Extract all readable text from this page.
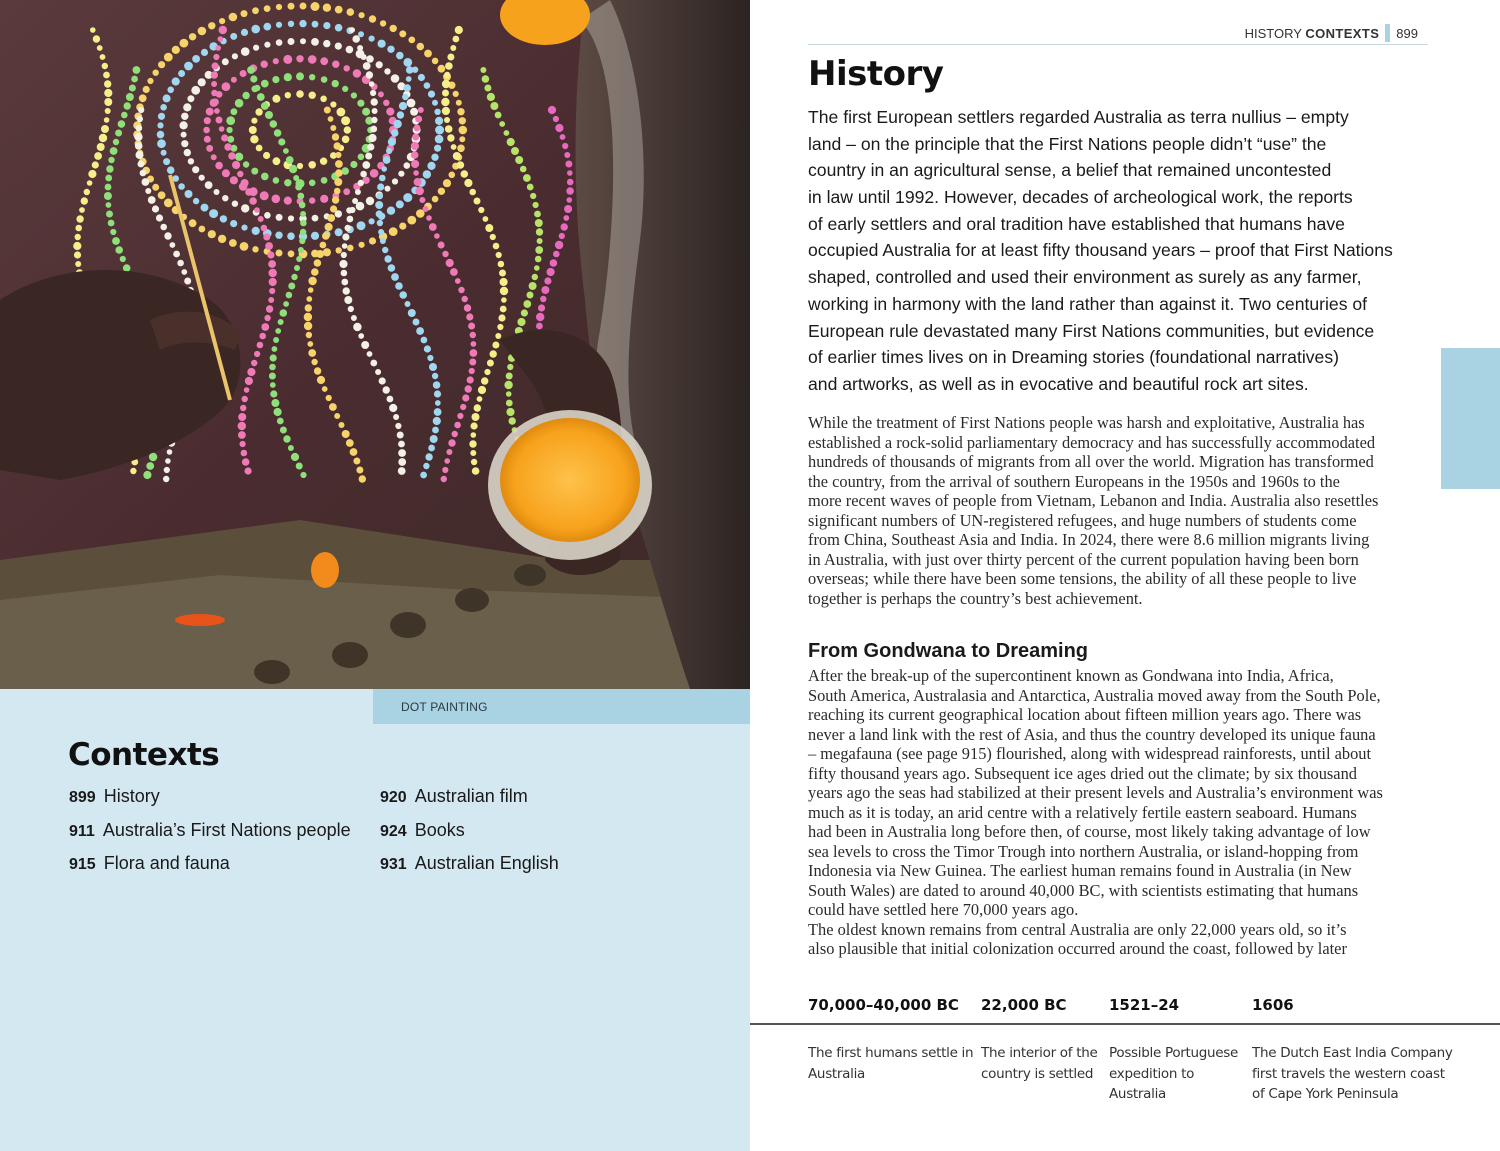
DOT PAINTING
Contexts
899 History
911 Australia’s First Nations people
915 Flora and fauna
920 Australian film
924 Books
931 Australian English
HISTORY CONTEXTS 899
History
The first European settlers regarded Australia as terra nullius – empty
land – on the principle that the First Nations people didn’t “use” the
country in an agricultural sense, a belief that remained uncontested
in law until 1992. However, decades of archeological work, the reports
of early settlers and oral tradition have established that humans have
occupied Australia for at least fifty thousand years – proof that First Nations
shaped, controlled and used their environment as surely as any farmer,
working in harmony with the land rather than against it. Two centuries of
European rule devastated many First Nations communities, but evidence
of earlier times lives on in Dreaming stories (foundational narratives)
and artworks, as well as in evocative and beautiful rock art sites.
While the treatment of First Nations people was harsh and exploitative, Australia has
established a rock-solid parliamentary democracy and has successfully accommodated
hundreds of thousands of migrants from all over the world. Migration has transformed
the country, from the arrival of southern Europeans in the 1950s and 1960s to the
more recent waves of people from Vietnam, Lebanon and India. Australia also resettles
significant numbers of UN-registered refugees, and huge numbers of students come
from China, Southeast Asia and India. In 2024, there were 8.6 million migrants living
in Australia, with just over thirty percent of the current population having been born
overseas; while there have been some tensions, the ability of all these people to live
together is perhaps the country’s best achievement.
From Gondwana to Dreaming
After the break-up of the supercontinent known as Gondwana into India, Africa,
South America, Australasia and Antarctica, Australia moved away from the South Pole,
reaching its current geographical location about fifteen million years ago. There was
never a land link with the rest of Asia, and thus the country developed its unique fauna
– megafauna (see page 915) flourished, along with widespread rainforests, until about
fifty thousand years ago. Subsequent ice ages dried out the climate; by six thousand
years ago the seas had stabilized at their present levels and Australia’s environment was
much as it is today, an arid centre with a relatively fertile eastern seaboard. Humans
had been in Australia long before then, of course, most likely taking advantage of low
sea levels to cross the Timor Trough into northern Australia, or island-hopping from
Indonesia via New Guinea. The earliest human remains found in Australia (in New
South Wales) are dated to around 40,000 BC, with scientists estimating that humans
could have settled here 70,000 years ago.
The oldest known remains from central Australia are only 22,000 years old, so it’s
also plausible that initial colonization occurred around the coast, followed by later
70,000–40,000 BC
The first humans settle in
Australia
22,000 BC
The interior of the
country is settled
1521–24
Possible Portuguese
expedition to
Australia
1606
The Dutch East India Company
first travels the western coast
of Cape York Peninsula
